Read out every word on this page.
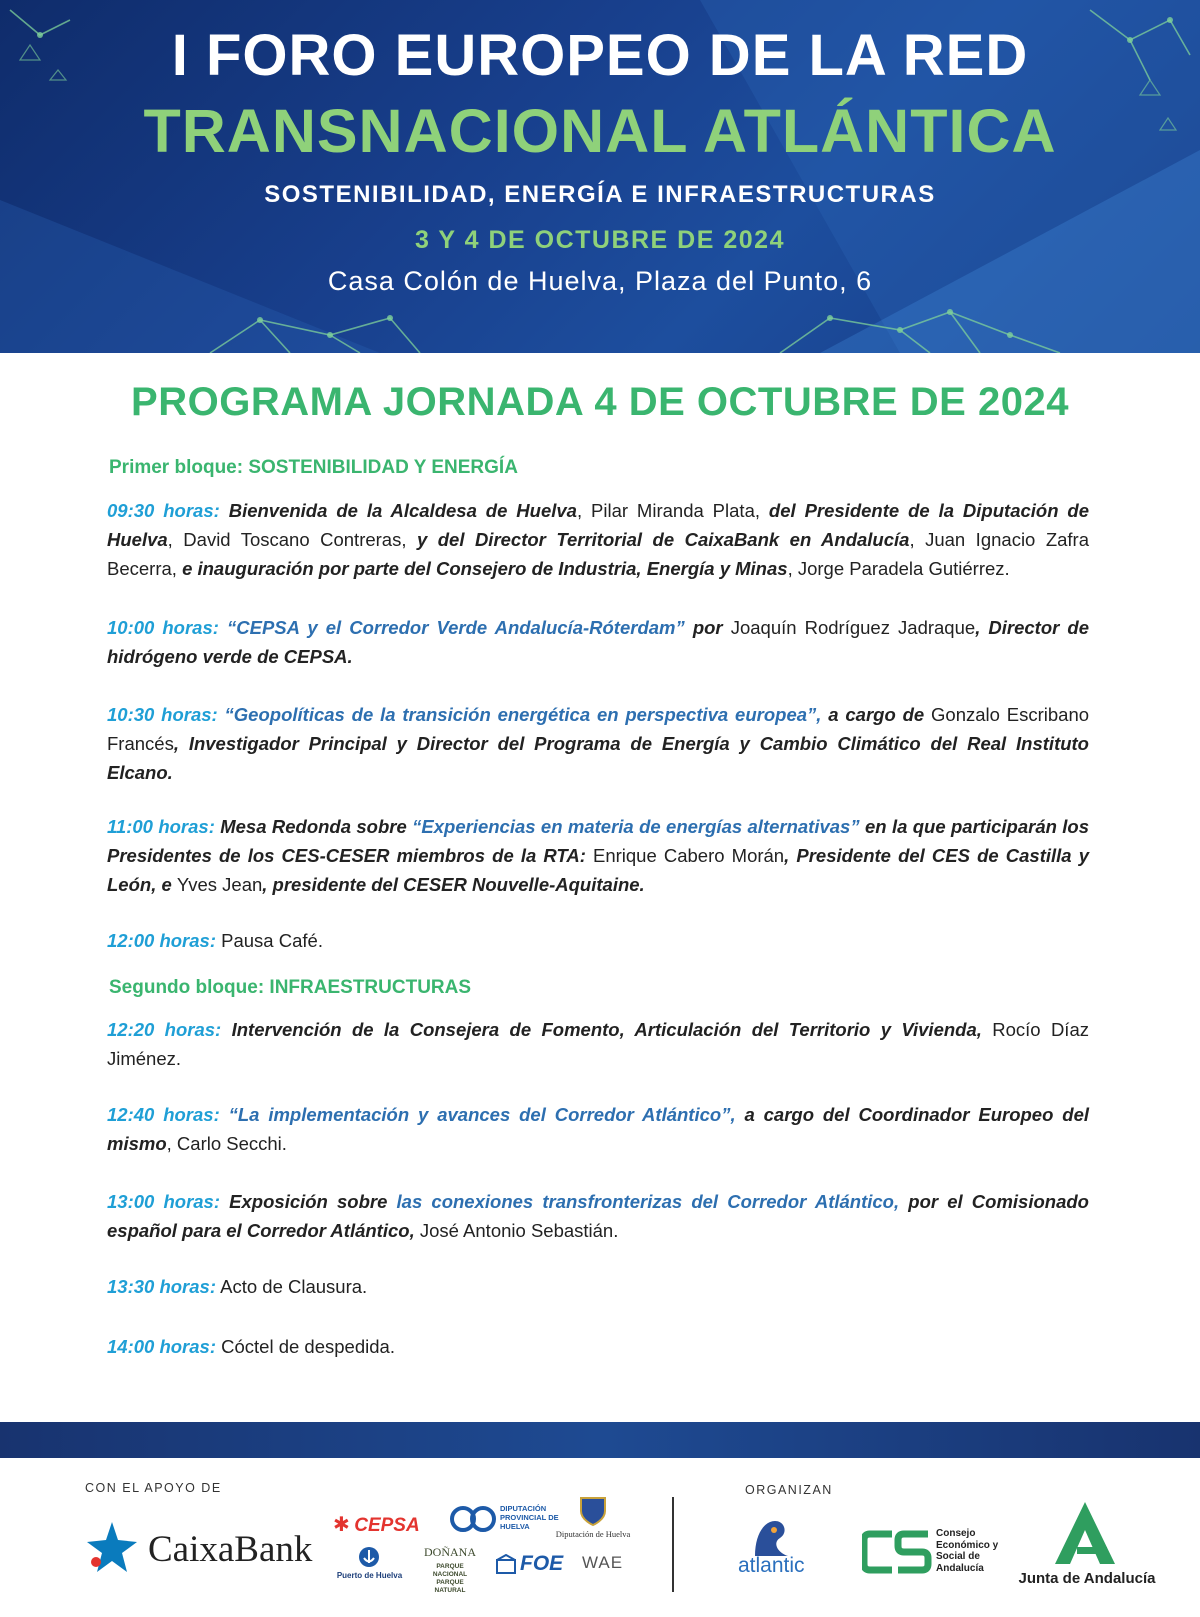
I FORO EUROPEO DE LA RED
TRANSNACIONAL ATLÁNTICA
SOSTENIBILIDAD, ENERGÍA E INFRAESTRUCTURAS
3 Y 4 DE OCTUBRE DE 2024
Casa Colón de Huelva, Plaza del Punto, 6
PROGRAMA JORNADA 4 DE OCTUBRE DE 2024
Primer bloque: SOSTENIBILIDAD Y ENERGÍA
09:30 horas: Bienvenida de la Alcaldesa de Huelva, Pilar Miranda Plata, del Presidente de la Diputación de Huelva, David Toscano Contreras, y del Director Territorial de CaixaBank en Andalucía, Juan Ignacio Zafra Becerra, e inauguración por parte del Consejero de Industria, Energía y Minas, Jorge Paradela Gutiérrez.
10:00 horas: “CEPSA y el Corredor Verde Andalucía-Róterdam” por Joaquín Rodríguez Jadraque, Director de hidrógeno verde de CEPSA.
10:30 horas: “Geopolíticas de la transición energética en perspectiva europea”, a cargo de Gonzalo Escribano Francés, Investigador Principal y Director del Programa de Energía y Cambio Climático del Real Instituto Elcano.
11:00 horas: Mesa Redonda sobre “Experiencias en materia de energías alternativas” en la que participarán los Presidentes de los CES-CESER miembros de la RTA: Enrique Cabero Morán, Presidente del CES de Castilla y León, e Yves Jean, presidente del CESER Nouvelle-Aquitaine.
12:00 horas: Pausa Café.
Segundo bloque: INFRAESTRUCTURAS
12:20 horas: Intervención de la Consejera de Fomento, Articulación del Territorio y Vivienda, Rocío Díaz Jiménez.
12:40 horas: “La implementación y avances del Corredor Atlántico”, a cargo del Coordinador Europeo del mismo, Carlo Secchi.
13:00 horas: Exposición sobre las conexiones transfronterizas del Corredor Atlántico, por el Comisionado español para el Corredor Atlántico, José Antonio Sebastián.
13:30 horas: Acto de Clausura.
14:00 horas: Cóctel de despedida.
CON EL APOYO DE	ORGANIZAN
CaixaBank
✱ CEPSA
DIPUTACIÓN PROVINCIAL DE HUELVA
Diputación de Huelva
Puerto de Huelva
DOÑANA
PARQUE NACIONAL PARQUE NATURAL
FOE WAE	atlantic
Consejo Económico y Social de Andalucía
Junta de Andalucía
